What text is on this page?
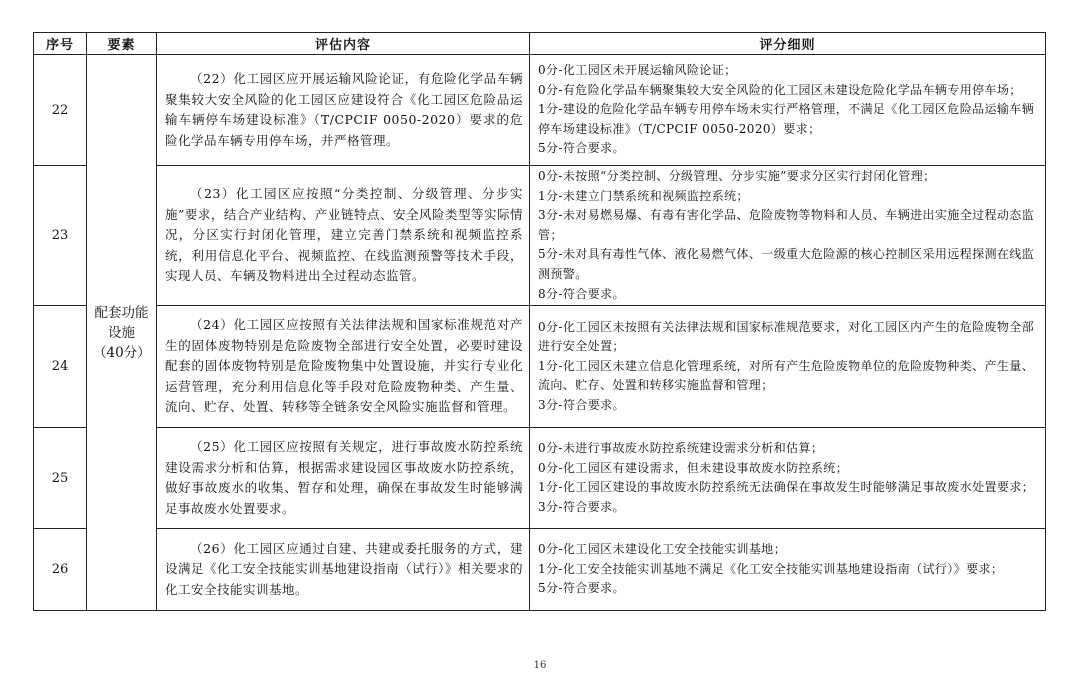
序号	要素	评估内容	评分细则
22	配套功能设施（40分）	（22）化工园区应开展运输风险论证，有危险化学品车辆聚集较大安全风险的化工园区应建设符合《化工园区危险品运输车辆停车场建设标准》（T/CPCIF 0050-2020）要求的危险化学品车辆专用停车场，并严格管理。	0分-化工园区未开展运输风险论证；
0分-有危险化学品车辆聚集较大安全风险的化工园区未建设危险化学品车辆专用停车场；
1分-建设的危险化学品车辆专用停车场未实行严格管理，不满足《化工园区危险品运输车辆停车场建设标准》（T/CPCIF 0050-2020）要求；
5分-符合要求。

23		（23）化工园区应按照“分类控制、分级管理、分步实施”要求，结合产业结构、产业链特点、安全风险类型等实际情况，分区实行封闭化管理，建立完善门禁系统和视频监控系统，利用信息化平台、视频监控、在线监测预警等技术手段，实现人员、车辆及物料进出全过程动态监管。	0分-未按照“分类控制、分级管理、分步实施”要求分区实行封闭化管理；
1分-未建立门禁系统和视频监控系统；
3分-未对易燃易爆、有毒有害化学品、危险废物等物料和人员、车辆进出实施全过程动态监管；
5分-未对具有毒性气体、液化易燃气体、一级重大危险源的核心控制区采用远程探测在线监测预警。
8分-符合要求。

24		（24）化工园区应按照有关法律法规和国家标准规范对产生的固体废物特别是危险废物全部进行安全处置，必要时建设配套的固体废物特别是危险废物集中处置设施，并实行专业化运营管理，充分利用信息化等手段对危险废物种类、产生量、流向、贮存、处置、转移等全链条安全风险实施监督和管理。	0分-化工园区未按照有关法律法规和国家标准规范要求，对化工园区内产生的危险废物全部进行安全处置；
1分-化工园区未建立信息化管理系统，对所有产生危险废物单位的危险废物种类、产生量、流向、贮存、处置和转移实施监督和管理；
3分-符合要求。

25		（25）化工园区应按照有关规定，进行事故废水防控系统建设需求分析和估算，根据需求建设园区事故废水防控系统，做好事故废水的收集、暂存和处理，确保在事故发生时能够满足事故废水处置要求。	0分-未进行事故废水防控系统建设需求分析和估算；
0分-化工园区有建设需求，但未建设事故废水防控系统；
1分-化工园区建设的事故废水防控系统无法确保在事故发生时能够满足事故废水处置要求；
3分-符合要求。

26		（26）化工园区应通过自建、共建或委托服务的方式，建设满足《化工安全技能实训基地建设指南（试行）》相关要求的化工安全技能实训基地。	0分-化工园区未建设化工安全技能实训基地；
1分-化工安全技能实训基地不满足《化工安全技能实训基地建设指南（试行）》要求；
5分-符合要求。
16
